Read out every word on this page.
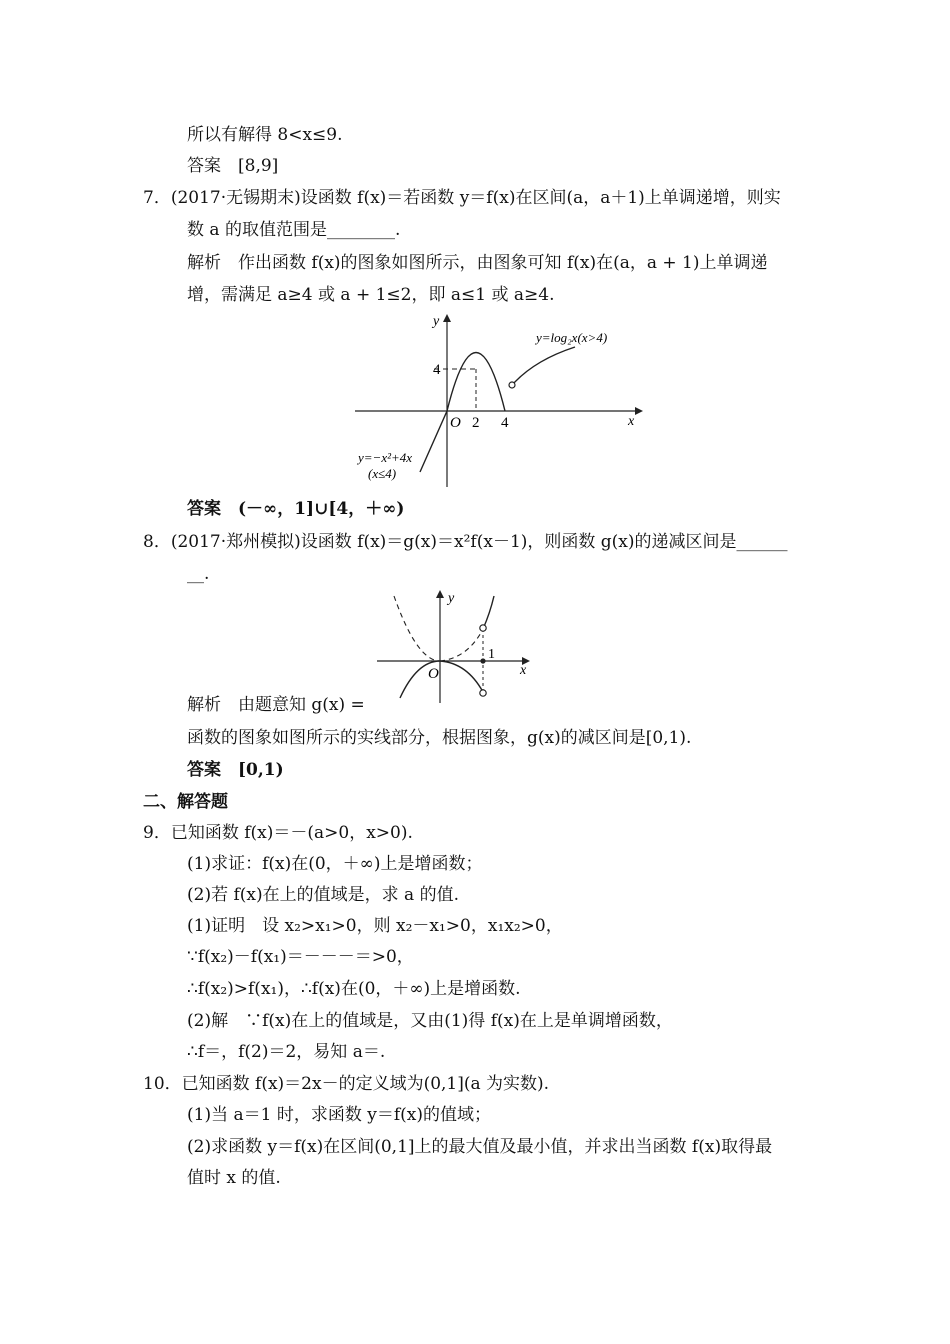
所以有解得 8<x≤9.
答案　[8,9]
7．(2017·无锡期末)设函数 f(x)＝若函数 y＝f(x)在区间(a，a＋1)上单调递增，则实
数 a 的取值范围是________.
解析　作出函数 f(x)的图象如图所示，由图象可知 f(x)在(a，a + 1)上单调递
增，需满足 a≥4 或 a + 1≤2，即 a≤1 或 a≥4.
y
x
O 2 4
4
y=log₂x(x>4)
y=−x²+4x
(x≤4)
答案　(－∞，1]∪[4，＋∞)
8．(2017·郑州模拟)设函数 f(x)＝g(x)＝x²f(x－1)，则函数 g(x)的递减区间是______
__.
y
x
O
1
解析　由题意知 g(x) =
函数的图象如图所示的实线部分，根据图象，g(x)的减区间是[0,1).
答案　[0,1)
二、解答题
9．已知函数 f(x)＝－(a>0，x>0).
(1)求证：f(x)在(0，＋∞)上是增函数；
(2)若 f(x)在上的值域是，求 a 的值.
(1)证明　设 x₂>x₁>0，则 x₂－x₁>0，x₁x₂>0，
∵f(x₂)－f(x₁)＝－－－＝>0，
∴f(x₂)>f(x₁)，∴f(x)在(0，＋∞)上是增函数.
(2)解　∵f(x)在上的值域是，又由(1)得 f(x)在上是单调增函数，
∴f＝，f(2)＝2，易知 a＝.
10．已知函数 f(x)＝2x－的定义域为(0,1](a 为实数).
(1)当 a＝1 时，求函数 y＝f(x)的值域；
(2)求函数 y＝f(x)在区间(0,1]上的最大值及最小值，并求出当函数 f(x)取得最
值时 x 的值.
